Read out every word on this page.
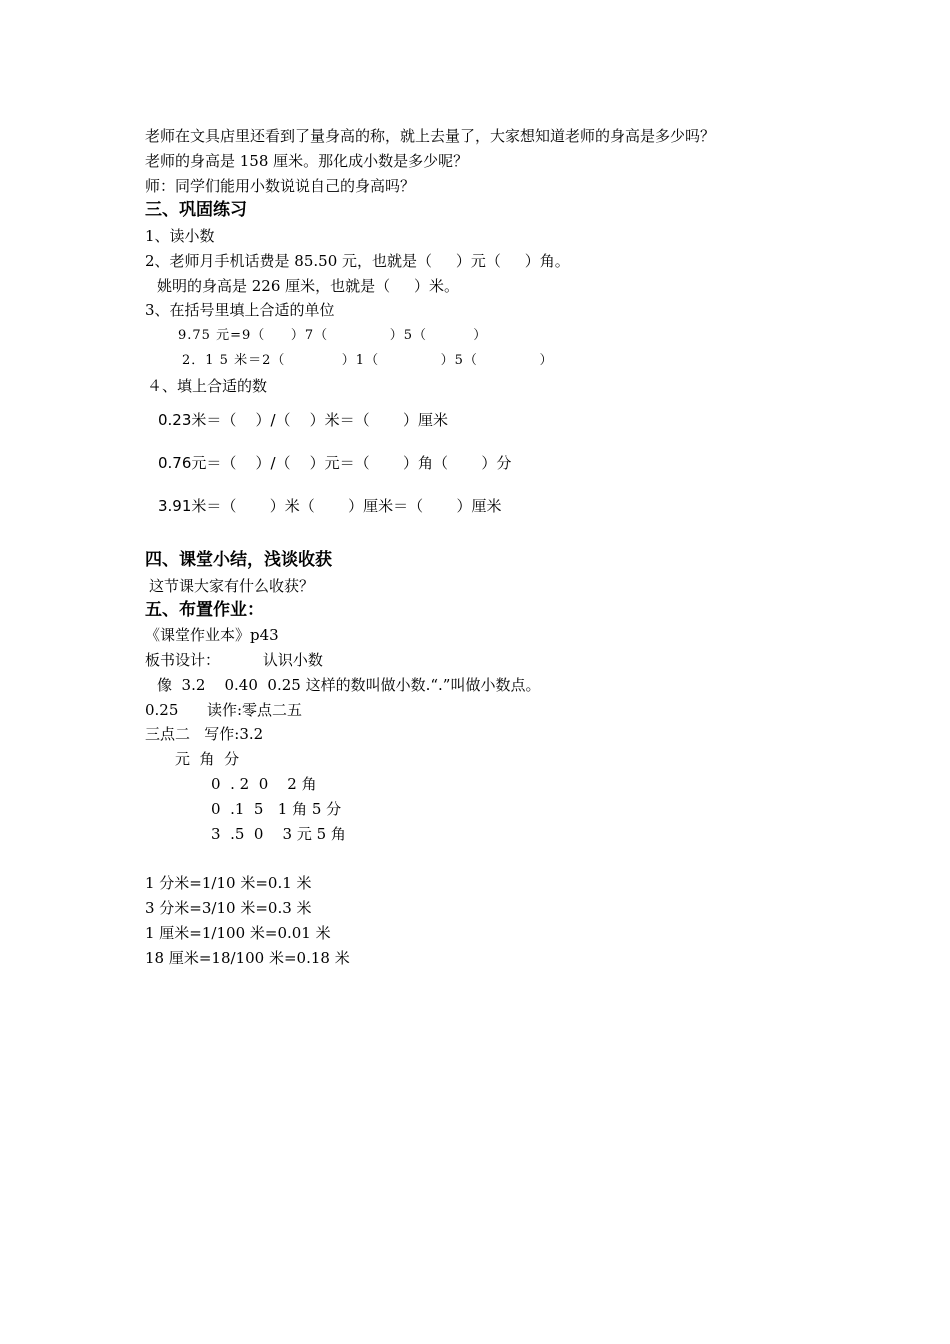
老师在文具店里还看到了量身高的称，就上去量了，大家想知道老师的身高是多少吗？
老师的身高是 158 厘米。那化成小数是多少呢？
师：同学们能用小数说说自己的身高吗？
三、巩固练习
1、读小数
2、老师月手机话费是 85.50 元，也就是（     ）元（     ）角。
姚明的身高是 226 厘米，也就是（     ）米。
3、在括号里填上合适的单位
9.75 元=9（     ）7（            ）5（         ）
2．1 5 米＝2（           ）1（            ）5（            ）
４、填上合适的数
0.23米＝（    ）/（    ）米＝（       ）厘米
0.76元＝（    ）/（    ）元＝（       ）角（       ）分
3.91米＝（       ）米（       ）厘米＝（       ）厘米
四、课堂小结，浅谈收获
这节课大家有什么收获？
五、布置作业：
《课堂作业本》p43
板书设计：         认识小数
像  3.2    0.40  0.25 这样的数叫做小数.“.”叫做小数点。
0.25      读作:零点二五
三点二   写作:3.2
元  角  分
0  . 2  0    2 角
0  .1  5   1 角 5 分
3  .5  0    3 元 5 角
1 分米=1/10 米=0.1 米
3 分米=3/10 米=0.3 米
1 厘米=1/100 米=0.01 米
18 厘米=18/100 米=0.18 米
